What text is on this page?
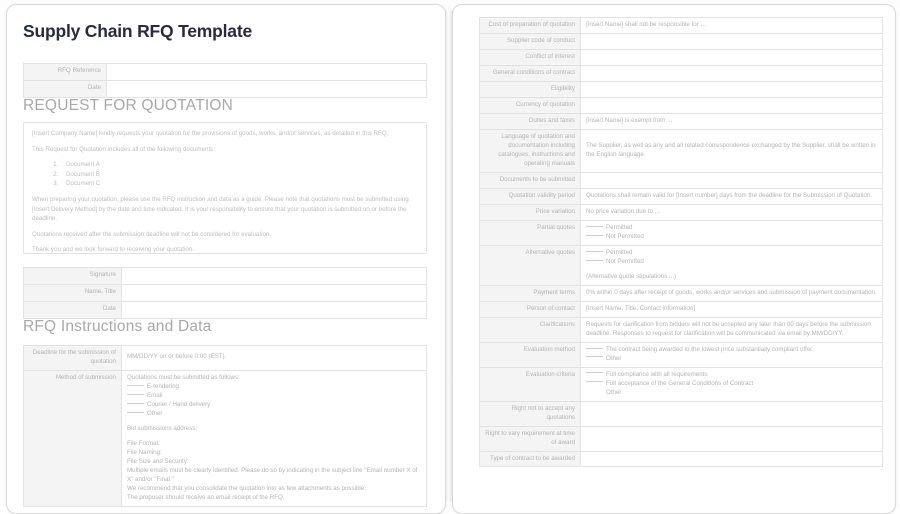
Supply Chain RFQ Template
RFQ Reference	
Date	
REQUEST FOR QUOTATION

[Insert Company Name] kindly requests your quotation for the provisions of goods, works, and/or services, as detailed in this RFQ.

This Request for Quotation includes all of the following documents:

1. Document A
2. Document B
3. Document C

When preparing your quotation, please use the RFQ instruction and data as a guide. Please note that quotations must be submitted using [Insert Delivery Method] by the date and time indicated. It is your responsibility to ensure that your quotation is submitted on or before the deadline.

Quotations received after the submission deadline will not be considered for evaluation.

Thank you and we look forward to receiving your quotation.

Signature	
Name, Title	
Date	
RFQ Instructions and Data
Deadline for the submission of quotation	MM/DD/YY on or before 0:00 (EST).
Method of submission	Quotations must be submitted as follows:
E-tendering
Email
Courier / Hand delivery
Other
Bid submissions address:
File Format:
File Naming:
File Size and Security:
Multiple emails must be clearly identified. Please do so by indicating in the subject line "Email number X of X" and/or "Final."
We recommend that you consolidate the quotation into as few attachments as possible.
The proposer should receive an email receipt of the RFQ.
Cost of preparation of quotation	[Insert Name] shall not be responsible for ...
Supplier code of conduct	

Conflict of interest	

General conditions of contract	

Eligibility	

Currency of quotation	

Duties and taxes	[Insert Name] is exempt from ...
Language of quotation and documentation including catalogues, instructions and operating manuals	The Supplier, as well as any and all related correspondence exchanged by the Supplier, shall be written in the English language.
Documents to be submitted	

Quotation validity period	Quotations shall remain valid for [Insert number] days from the deadline for the Submission of Quotation.
Price variation	No price variation due to ...
Partial quotes	Permitted
Not Permitted

Alternative quotes	Permitted
Not Permitted
(Alternative quote stipulations ...)

Payment terms	0% within 0 days after receipt of goods, works and/or services and submission of payment documentation.
Person of contact	[Insert Name, Title, Contact information]
Clarifications	Requests for clarification from bidders will not be accepted any later than 00 days before the submission deadline. Responses to request for clarification will be communicated via email by MM/DD/YY.
Evaluation method	The contract being awarded to the lowest price substantially compliant offer.
Other

Evaluation criteria	Full compliance with all requirements
Full acceptance of the General Conditions of Contract
Other

Right not to accept any quotations	

Right to vary requirement at time of award	

Type of contract to be awarded	
